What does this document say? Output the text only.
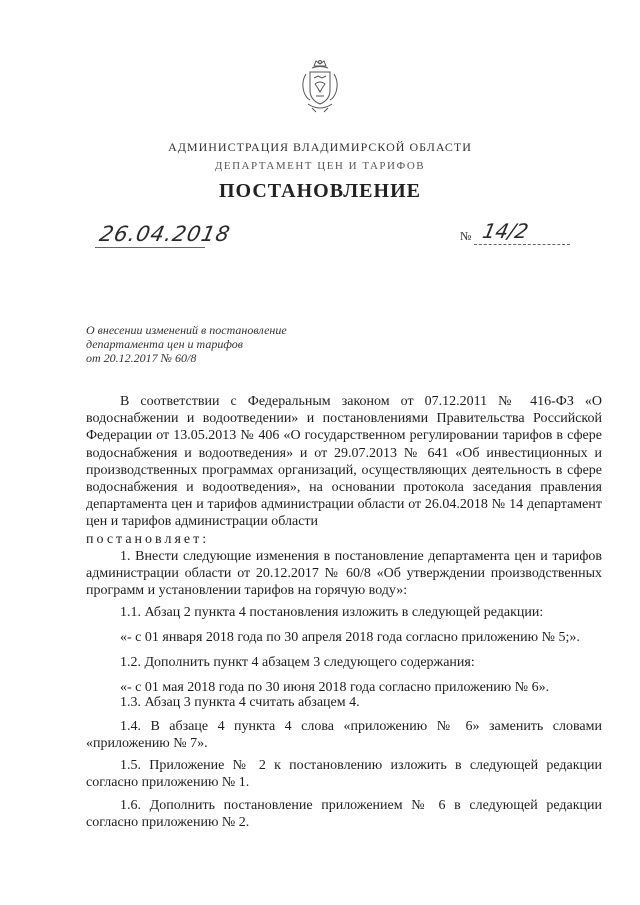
АДМИНИСТРАЦИЯ ВЛАДИМИРСКОЙ ОБЛАСТИ
ДЕПАРТАМЕНТ ЦЕН И ТАРИФОВ
ПОСТАНОВЛЕНИЕ
26.04.2018	№ 14/2
О внесении изменений в постановление
департамента цен и тарифов
от 20.12.2017 № 60/8
В соответствии с Федеральным законом от 07.12.2011 № 416-ФЗ «О водоснабжении и водоотведении» и постановлениями Правительства Российской Федерации от 13.05.2013 № 406 «О государственном регулировании тарифов в сфере водоснабжения и водоотведения» и от 29.07.2013 № 641 «Об инвестиционных и производственных программах организаций, осуществляющих деятельность в сфере водоснабжения и водоотведения», на основании протокола заседания правления департамента цен и тарифов администрации области от 26.04.2018 № 14 департамент цен и тарифов администрации области
постановляет:
1. Внести следующие изменения в постановление департамента цен и тарифов администрации области от 20.12.2017 № 60/8 «Об утверждении производственных программ и установлении тарифов на горячую воду»:
1.1. Абзац 2 пункта 4 постановления изложить в следующей редакции:
«- с 01 января 2018 года по 30 апреля 2018 года согласно приложению № 5;».
1.2. Дополнить пункт 4 абзацем 3 следующего содержания:
«- с 01 мая 2018 года по 30 июня 2018 года согласно приложению № 6».
1.3. Абзац 3 пункта 4 считать абзацем 4.
1.4. В абзаце 4 пункта 4 слова «приложению № 6» заменить словами «приложению № 7».
1.5. Приложение № 2 к постановлению изложить в следующей редакции согласно приложению № 1.
1.6. Дополнить постановление приложением № 6 в следующей редакции согласно приложению № 2.
